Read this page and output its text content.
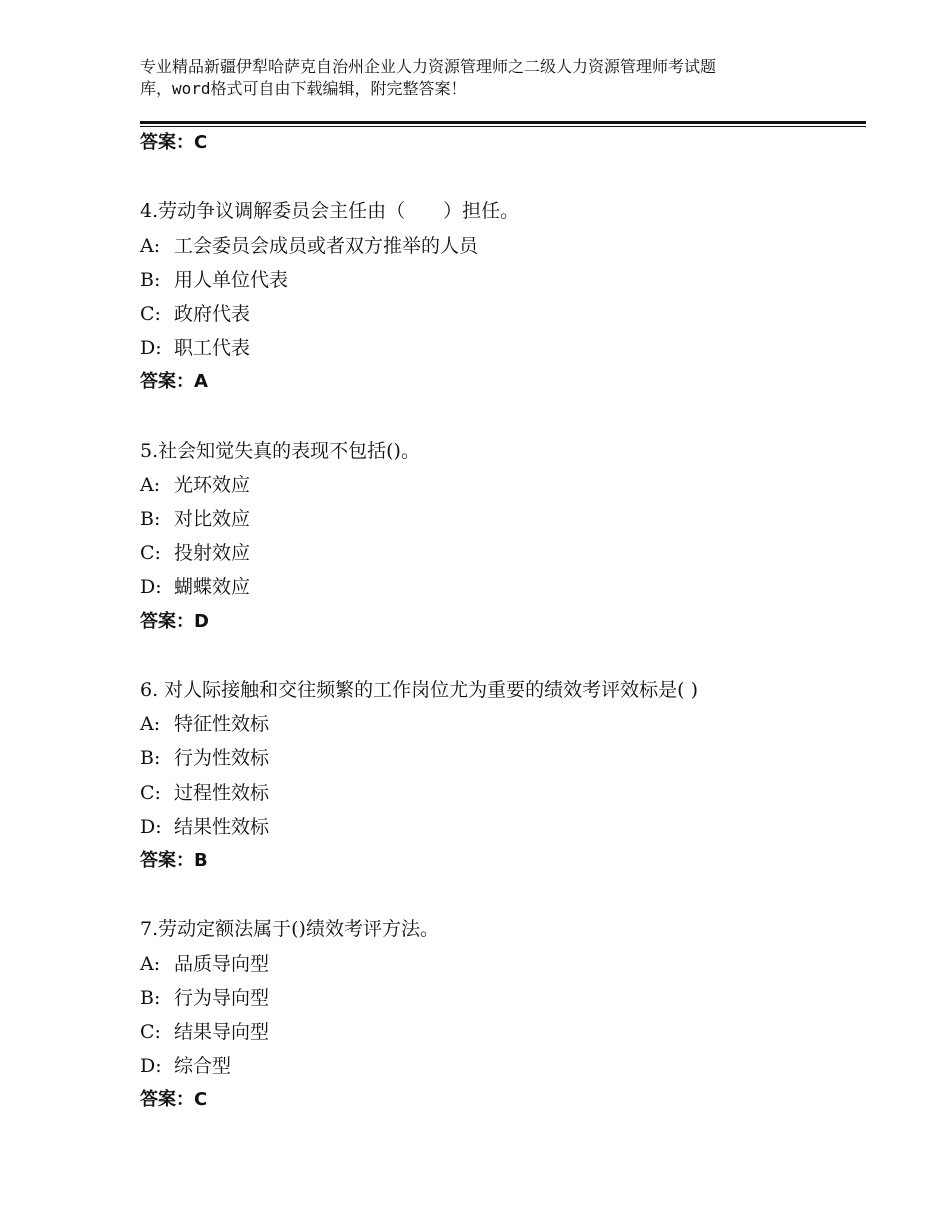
专业精品新疆伊犁哈萨克自治州企业人力资源管理师之二级人力资源管理师考试题
库，word格式可自由下载编辑，附完整答案！
答案：C
4.劳动争议调解委员会主任由（　　）担任。
A: 工会委员会成员或者双方推举的人员
B: 用人单位代表
C: 政府代表
D: 职工代表
答案：A
5.社会知觉失真的表现不包括()。
A: 光环效应
B: 对比效应
C: 投射效应
D: 蝴蝶效应
答案：D
6. 对人际接触和交往频繁的工作岗位尤为重要的绩效考评效标是( )
A: 特征性效标
B: 行为性效标
C: 过程性效标
D: 结果性效标
答案：B
7.劳动定额法属于()绩效考评方法。
A: 品质导向型
B: 行为导向型
C: 结果导向型
D: 综合型
答案：C
